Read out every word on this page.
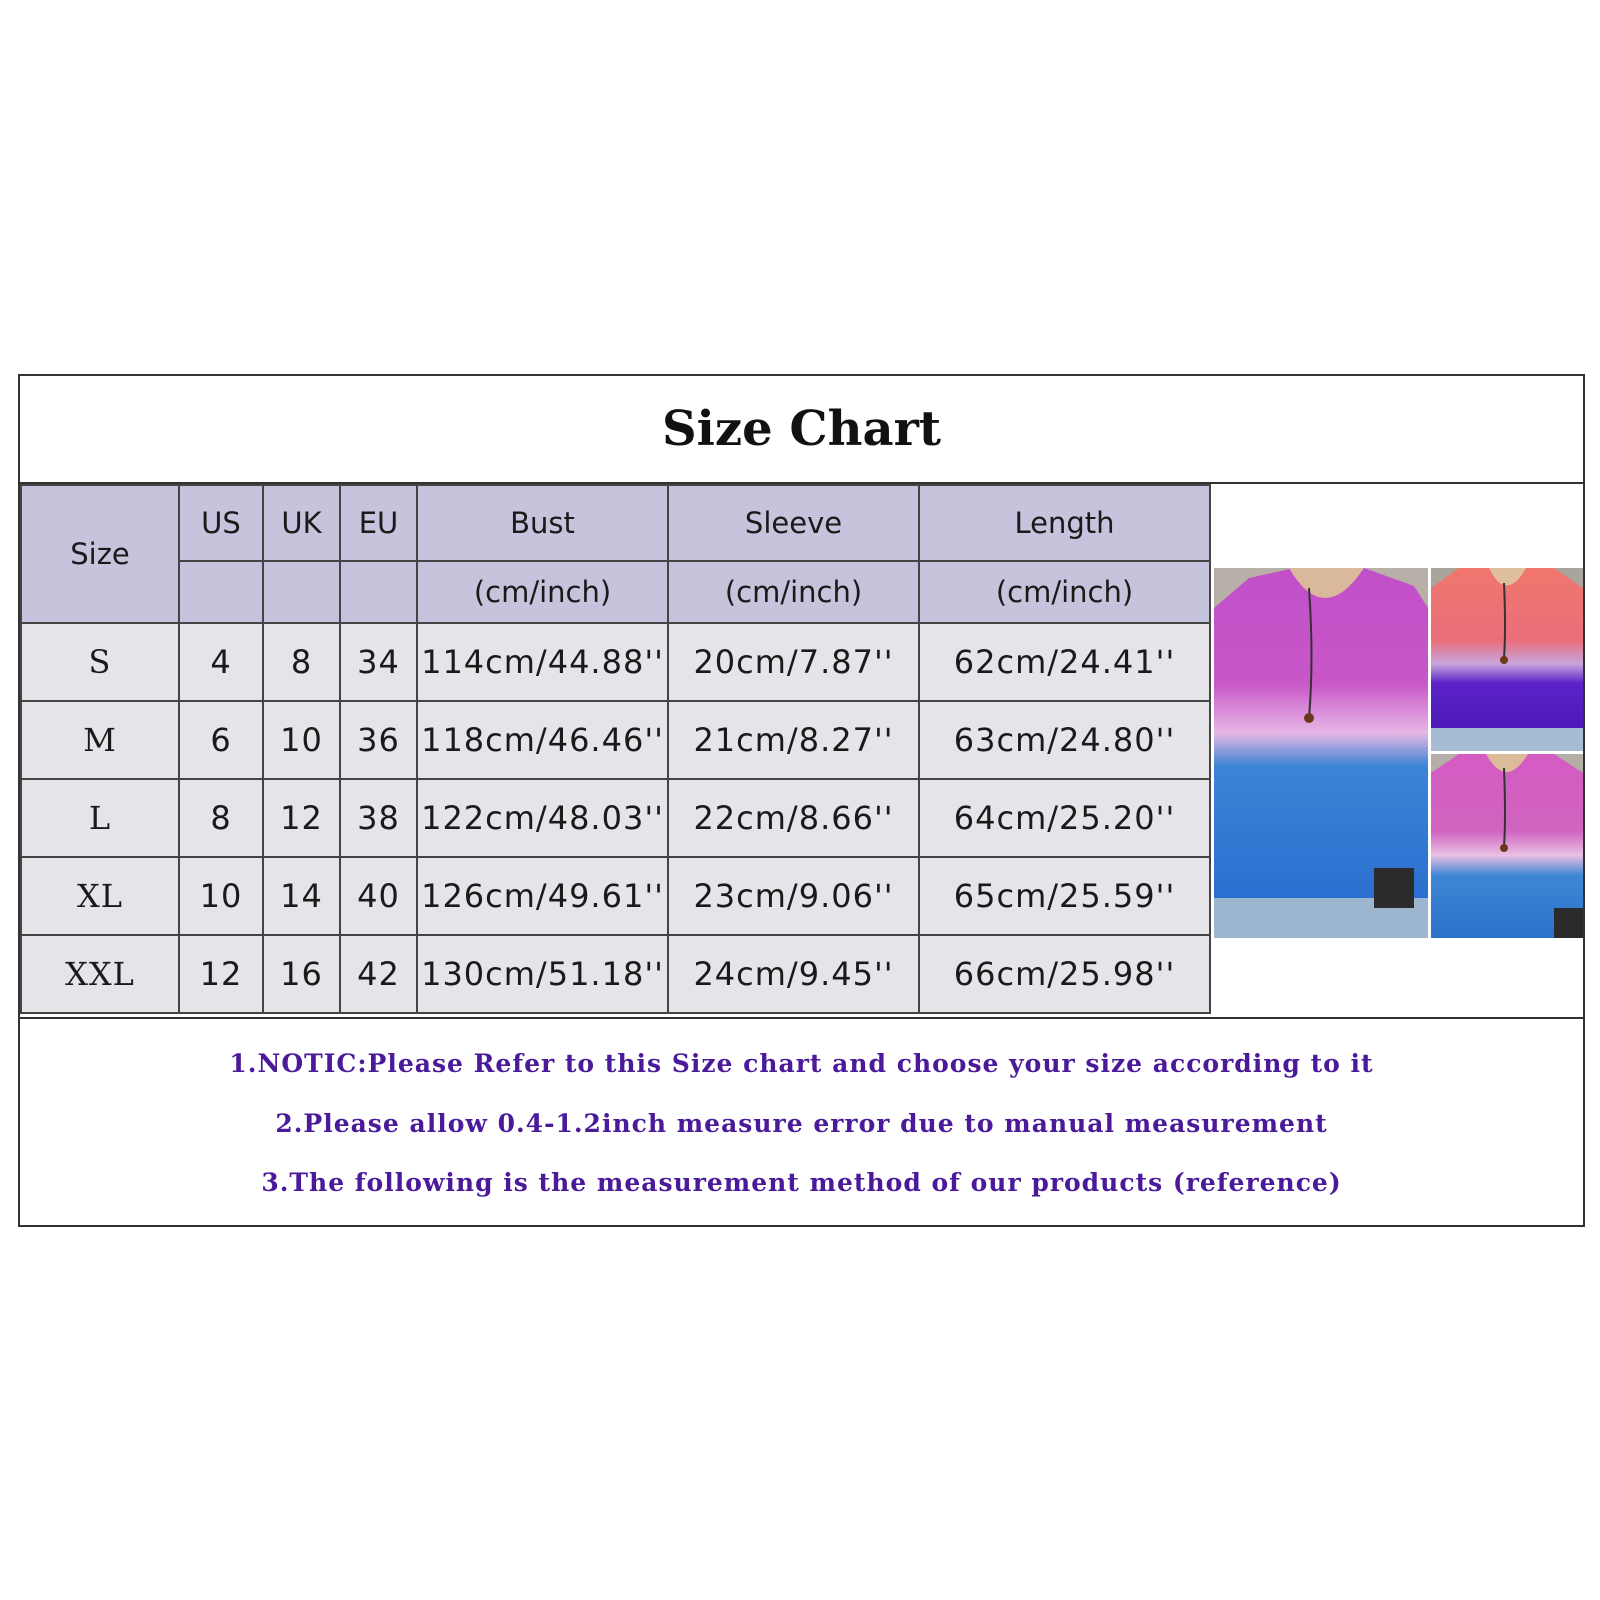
Size Chart
Size	US	UK	EU	Bust	Sleeve	Length
				(cm/inch)	(cm/inch)	(cm/inch)
S	4	8	34	114cm/44.88''	20cm/7.87''	62cm/24.41''
M	6	10	36	118cm/46.46''	21cm/8.27''	63cm/24.80''
L	8	12	38	122cm/48.03''	22cm/8.66''	64cm/25.20''
XL	10	14	40	126cm/49.61''	23cm/9.06''	65cm/25.59''
XXL	12	16	42	130cm/51.18''	24cm/9.45''	66cm/25.98''
1.NOTIC:Please Refer to this Size chart and choose your size according to it
2.Please allow 0.4-1.2inch measure error due to manual measurement
3.The following is the measurement method of our products (reference)
